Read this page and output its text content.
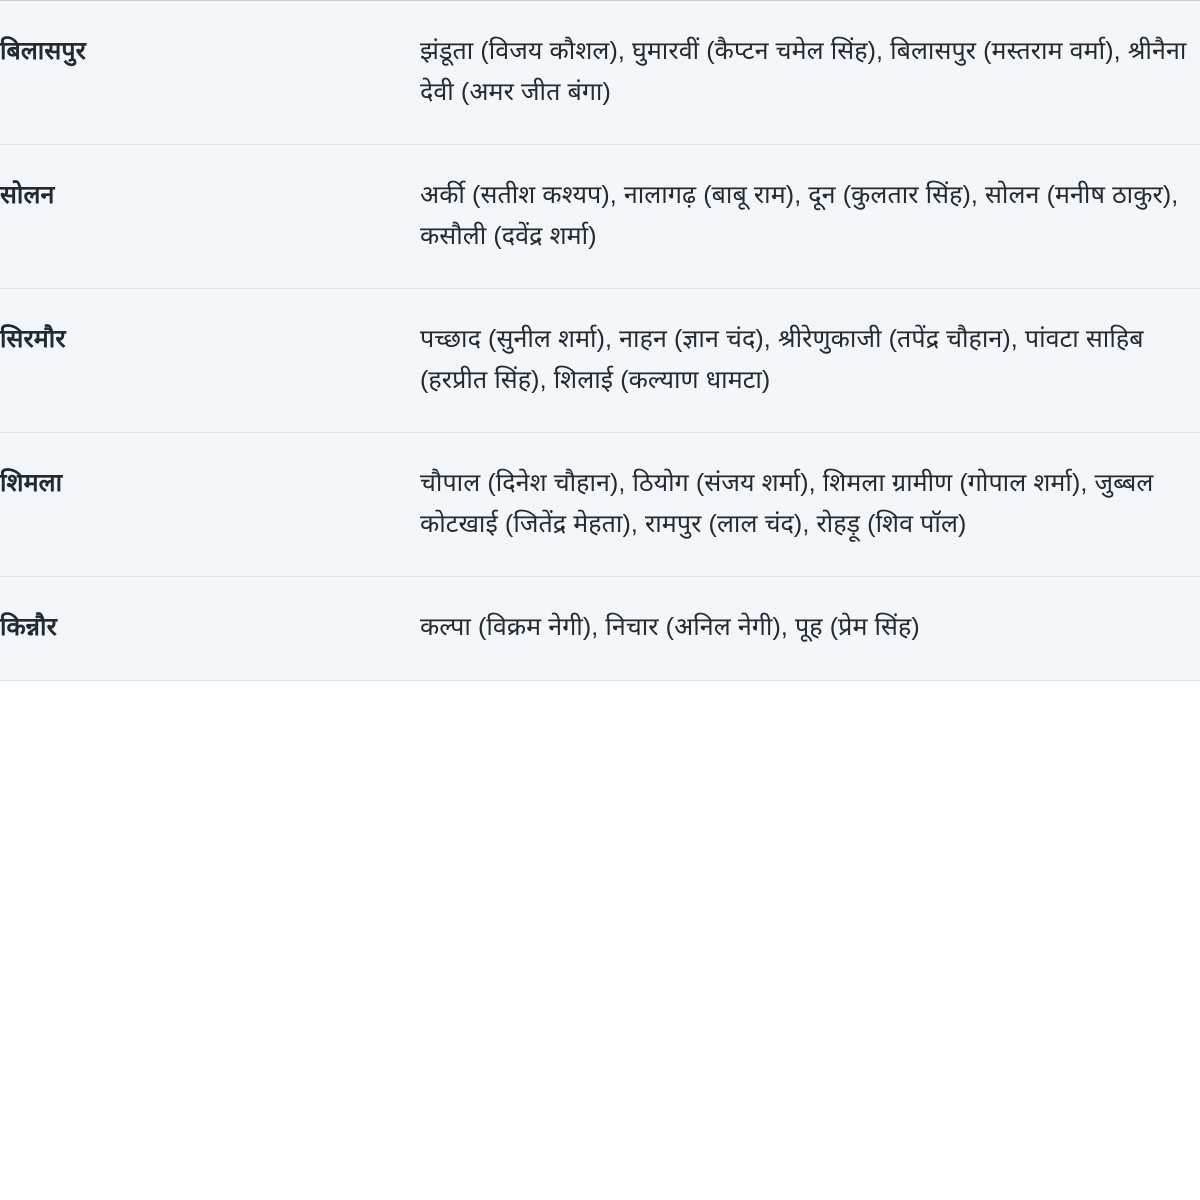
बिलासपुर	झंडूता (विजय कौशल), घुमारवीं (कैप्टन चमेल सिंह), बिलासपुर (मस्तराम वर्मा), श्रीनैना देवी (अमर जीत बंगा)
सोलन	अर्की (सतीश कश्यप), नालागढ़ (बाबू राम), दून (कुलतार सिंह), सोलन (मनीष ठाकुर), कसौली (दवेंद्र शर्मा)
सिरमौर	पच्छाद (सुनील शर्मा), नाहन (ज्ञान चंद), श्रीरेणुकाजी (तपेंद्र चौहान), पांवटा साहिब (हरप्रीत सिंह), शिलाई (कल्याण धामटा)
शिमला	चौपाल (दिनेश चौहान), ठियोग (संजय शर्मा), शिमला ग्रामीण (गोपाल शर्मा), जुब्बल कोटखाई (जितेंद्र मेहता), रामपुर (लाल चंद), रोहड़ू (शिव पॉल)
किन्नौर	कल्पा (विक्रम नेगी), निचार (अनिल नेगी), पूह (प्रेम सिंह)
